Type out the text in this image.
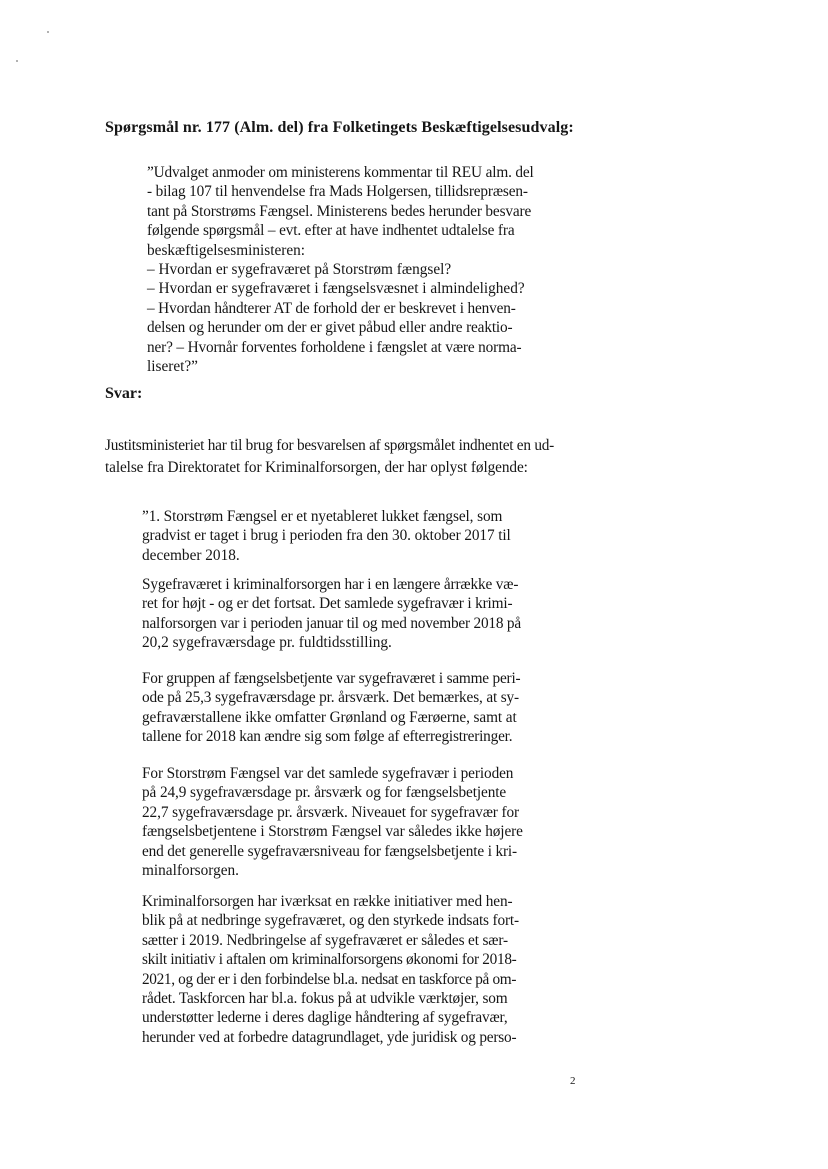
Spørgsmål nr. 177 (Alm. del) fra Folketingets Beskæftigelsesudvalg:
”Udvalget anmoder om ministerens kommentar til REU alm. del
- bilag 107 til henvendelse fra Mads Holgersen, tillidsrepræsen-
tant på Storstrøms Fængsel. Ministerens bedes herunder besvare
følgende spørgsmål – evt. efter at have indhentet udtalelse fra
beskæftigelsesministeren:
– Hvordan er sygefraværet på Storstrøm fængsel?
– Hvordan er sygefraværet i fængselsvæsnet i almindelighed?
– Hvordan håndterer AT de forhold der er beskrevet i henven-
delsen og herunder om der er givet påbud eller andre reaktio-
ner? – Hvornår forventes forholdene i fængslet at være norma-
liseret?”
Svar:
Justitsministeriet har til brug for besvarelsen af spørgsmålet indhentet en ud-
talelse fra Direktoratet for Kriminalforsorgen, der har oplyst følgende:
”1. Storstrøm Fængsel er et nyetableret lukket fængsel, som
gradvist er taget i brug i perioden fra den 30. oktober 2017 til
december 2018.
Sygefraværet i kriminalforsorgen har i en længere årrække væ-
ret for højt - og er det fortsat. Det samlede sygefravær i krimi-
nalforsorgen var i perioden januar til og med november 2018 på
20,2 sygefraværsdage pr. fuldtidsstilling.
For gruppen af fængselsbetjente var sygefraværet i samme peri-
ode på 25,3 sygefraværsdage pr. årsværk. Det bemærkes, at sy-
gefraværstallene ikke omfatter Grønland og Færøerne, samt at
tallene for 2018 kan ændre sig som følge af efterregistreringer.
For Storstrøm Fængsel var det samlede sygefravær i perioden
på 24,9 sygefraværsdage pr. årsværk og for fængselsbetjente
22,7 sygefraværsdage pr. årsværk. Niveauet for sygefravær for
fængselsbetjentene i Storstrøm Fængsel var således ikke højere
end det generelle sygefraværsniveau for fængselsbetjente i kri-
minalforsorgen.
Kriminalforsorgen har iværksat en række initiativer med hen-
blik på at nedbringe sygefraværet, og den styrkede indsats fort-
sætter i 2019. Nedbringelse af sygefraværet er således et sær-
skilt initiativ i aftalen om kriminalforsorgens økonomi for 2018-
2021, og der er i den forbindelse bl.a. nedsat en taskforce på om-
rådet. Taskforcen har bl.a. fokus på at udvikle værktøjer, som
understøtter lederne i deres daglige håndtering af sygefravær,
herunder ved at forbedre datagrundlaget, yde juridisk og perso-
2
